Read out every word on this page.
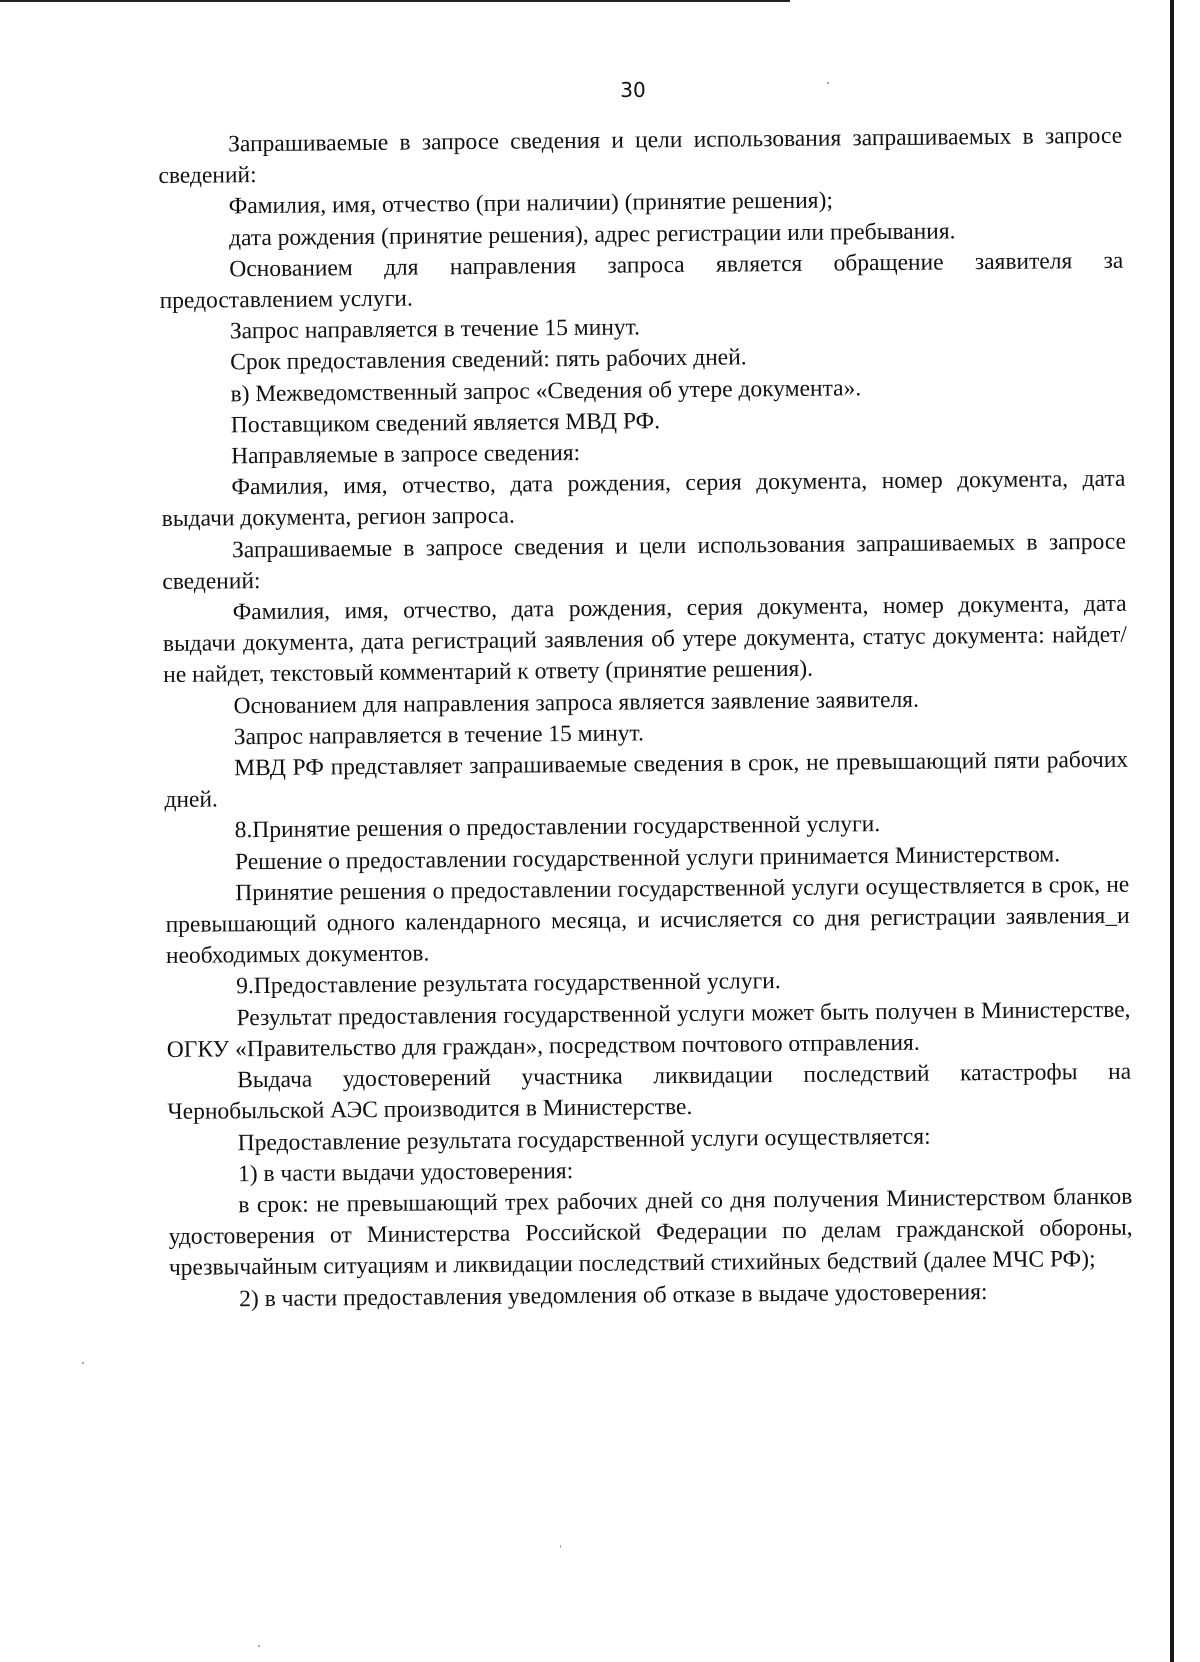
30

Запрашиваемые в запросе сведения и цели использования запрашиваемых в запросе сведений:

Фамилия, имя, отчество (при наличии) (принятие решения);

дата рождения (принятие решения), адрес регистрации или пребывания.

Основанием для направления запроса является обращение заявителя за предоставлением услуги.

Запрос направляется в течение 15 минут.

Срок предоставления сведений: пять рабочих дней.

в) Межведомственный запрос «Сведения об утере документа».

Поставщиком сведений является МВД РФ.

Направляемые в запросе сведения:

Фамилия, имя, отчество, дата рождения, серия документа, номер документа, дата выдачи документа, регион запроса.

Запрашиваемые в запросе сведения и цели использования запрашиваемых в запросе сведений:

Фамилия, имя, отчество, дата рождения, серия документа, номер документа, дата выдачи документа, дата регистраций заявления об утере документа, статус документа: найдет/ не найдет, текстовый комментарий к ответу (принятие решения).

Основанием для направления запроса является заявление заявителя.

Запрос направляется в течение 15 минут.

МВД РФ представляет запрашиваемые сведения в срок, не превышающий пяти рабочих дней.

8.Принятие решения о предоставлении государственной услуги.

Решение о предоставлении государственной услуги принимается Министерством.

Принятие решения о предоставлении государственной услуги осуществляется в срок, не превышающий одного календарного месяца, и исчисляется со дня регистрации заявления_и необходимых документов.

9.Предоставление результата государственной услуги.

Результат предоставления государственной услуги может быть получен в Министерстве, ОГКУ «Правительство для граждан», посредством почтового отправления.

Выдача удостоверений участника ликвидации последствий катастрофы на Чернобыльской АЭС производится в Министерстве.

Предоставление результата государственной услуги осуществляется:

1) в части выдачи удостоверения:

в срок: не превышающий трех рабочих дней со дня получения Министерством бланков удостоверения от Министерства Российской Федерации по делам гражданской обороны, чрезвычайным ситуациям и ликвидации последствий стихийных бедствий (далее МЧС РФ);

2) в части предоставления уведомления об отказе в выдаче удостоверения:
